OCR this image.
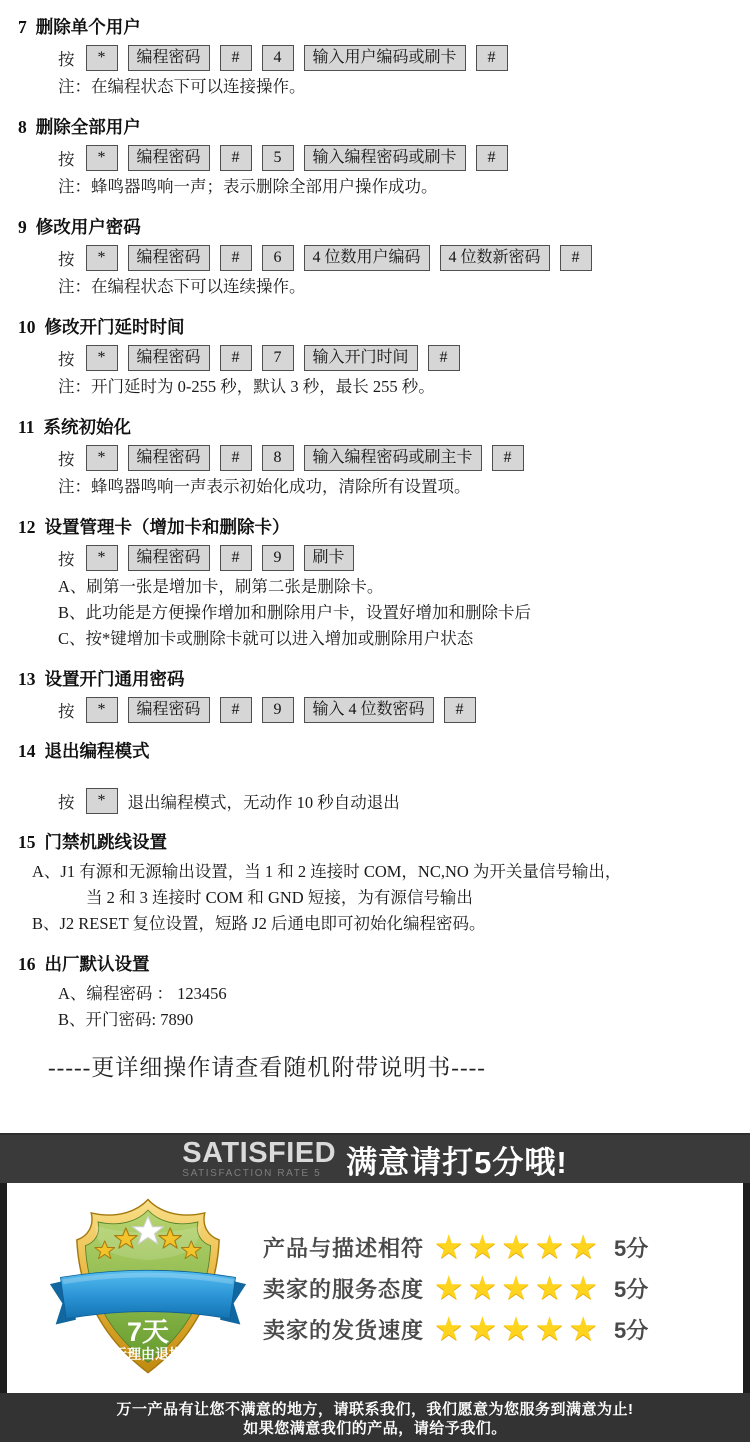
7 删除单个用户
按	*	编程密码	#	4	输入用户编码或刷卡	#
注：在编程状态下可以连接操作。
8 删除全部用户
按	*	编程密码	#	5	输入编程密码或刷卡	#
注：蜂鸣器鸣响一声；表示删除全部用户操作成功。
9 修改用户密码
按	*	编程密码	#	6	4 位数用户编码	4 位数新密码	#
注：在编程状态下可以连续操作。
10 修改开门延时时间
按	*	编程密码	#	7	输入开门时间	#
注：开门延时为 0-255 秒，默认 3 秒，最长 255 秒。
11 系统初始化
按	*	编程密码	#	8	输入编程密码或刷主卡	#
注：蜂鸣器鸣响一声表示初始化成功，清除所有设置项。
12 设置管理卡（增加卡和删除卡）
按	*	编程密码	#	9	刷卡
A、刷第一张是增加卡，刷第二张是删除卡。
B、此功能是方便操作增加和删除用户卡，设置好增加和删除卡后
C、按*键增加卡或删除卡就可以进入增加或删除用户状态
13 设置开门通用密码
按	*	编程密码	#	9	输入 4 位数密码	#
14 退出编程模式
按	*	退出编程模式，无动作 10 秒自动退出
15 门禁机跳线设置
A、J1 有源和无源输出设置，当 1 和 2 连接时 COM，NC,NO 为开关量信号输出，
当 2 和 3 连接时 COM 和 GND 短接，为有源信号输出
B、J2 RESET 复位设置，短路 J2 后通电即可初始化编程密码。
16 出厂默认设置
A、编程密码 ： 123456
B、开门密码: 7890
-----更详细操作请查看随机附带说明书----
SATISFIED
SATISFACTION RATE 5 满意请打5分哦!
7天
无理由退换
产品与描述相符 ★★★★★ 5分
卖家的服务态度 ★★★★★ 5分
卖家的发货速度 ★★★★★ 5分
万一产品有让您不满意的地方，请联系我们，我们愿意为您服务到满意为止!
如果您满意我们的产品，请给予我们。
